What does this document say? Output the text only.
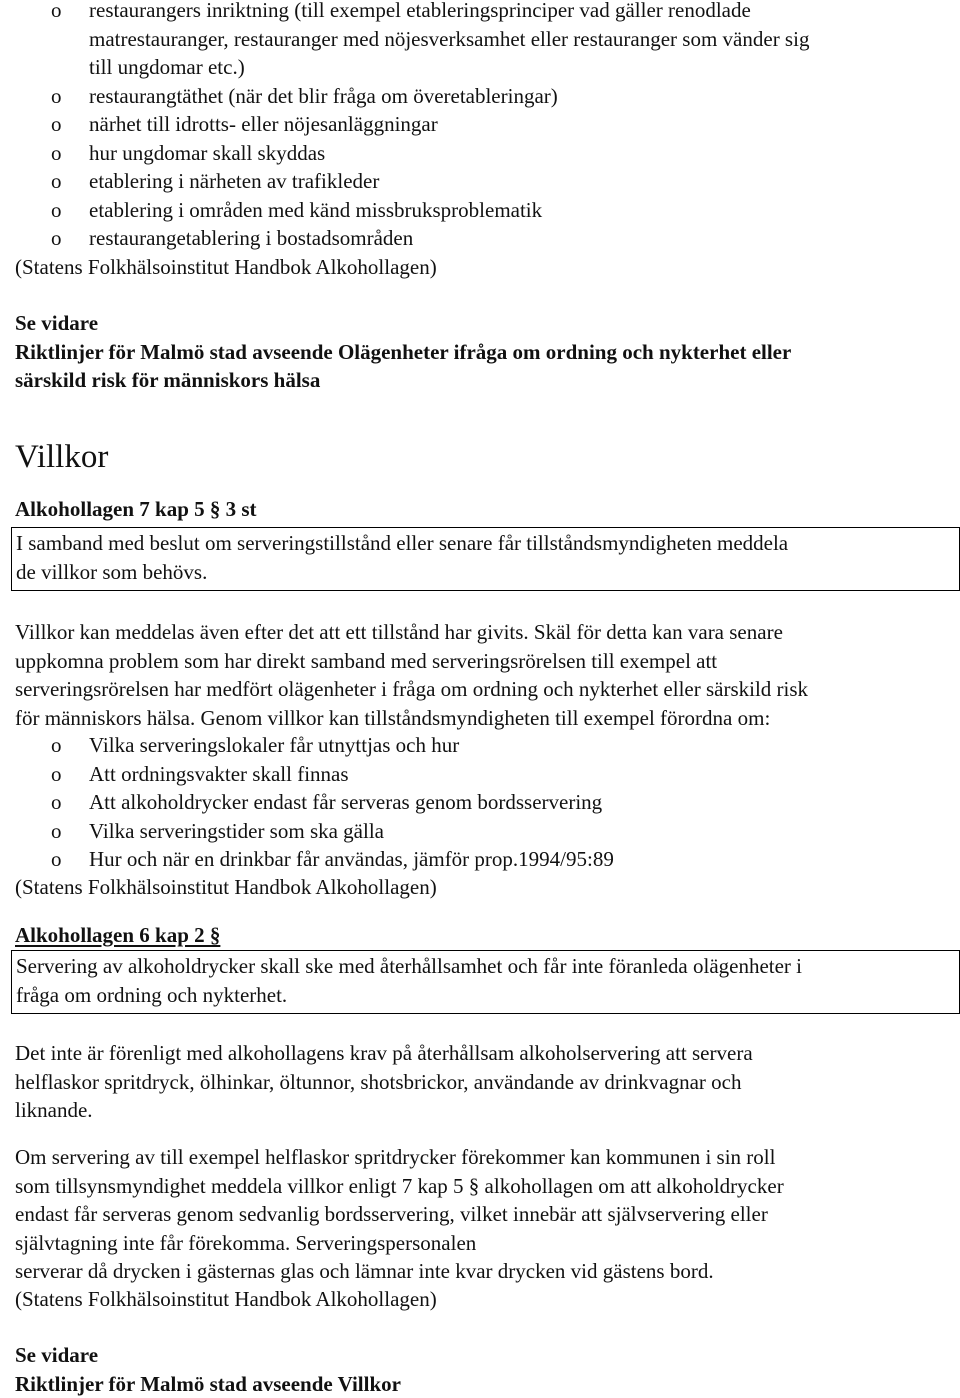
o restaurangers inriktning (till exempel etableringsprinciper vad gäller renodlade
matrestauranger, restauranger med nöjesverksamhet eller restauranger som vänder sig
till ungdomar etc.)
o restaurangtäthet (när det blir fråga om överetableringar)
o närhet till idrotts- eller nöjesanläggningar
o hur ungdomar skall skyddas
o etablering i närheten av trafikleder
o etablering i områden med känd missbruksproblematik
o restaurangetablering i bostadsområden
(Statens Folkhälsoinstitut Handbok Alkohollagen)
Se vidare
Riktlinjer för Malmö stad avseende Olägenheter ifråga om ordning och nykterhet eller
särskild risk för människors hälsa
Villkor
Alkohollagen 7 kap 5 § 3 st
I samband med beslut om serveringstillstånd eller senare får tillståndsmyndigheten meddela
de villkor som behövs.
Villkor kan meddelas även efter det att ett tillstånd har givits. Skäl för detta kan vara senare
uppkomna problem som har direkt samband med serveringsrörelsen till exempel att
serveringsrörelsen har medfört olägenheter i fråga om ordning och nykterhet eller särskild risk
för människors hälsa. Genom villkor kan tillståndsmyndigheten till exempel förordna om:
o Vilka serveringslokaler får utnyttjas och hur
o Att ordningsvakter skall finnas
o Att alkoholdrycker endast får serveras genom bordsservering
o Vilka serveringstider som ska gälla
o Hur och när en drinkbar får användas, jämför prop.1994/95:89
(Statens Folkhälsoinstitut Handbok Alkohollagen)
Alkohollagen 6 kap 2 §
Servering av alkoholdrycker skall ske med återhållsamhet och får inte föranleda olägenheter i
fråga om ordning och nykterhet.
Det inte är förenligt med alkohollagens krav på återhållsam alkoholservering att servera
helflaskor spritdryck, ölhinkar, öltunnor, shotsbrickor, användande av drinkvagnar och
liknande.
Om servering av till exempel helflaskor spritdrycker förekommer kan kommunen i sin roll
som tillsynsmyndighet meddela villkor enligt 7 kap 5 § alkohollagen om att alkoholdrycker
endast får serveras genom sedvanlig bordsservering, vilket innebär att självservering eller
självtagning inte får förekomma. Serveringspersonalen
serverar då drycken i gästernas glas och lämnar inte kvar drycken vid gästens bord.
(Statens Folkhälsoinstitut Handbok Alkohollagen)
Se vidare
Riktlinjer för Malmö stad avseende Villkor
